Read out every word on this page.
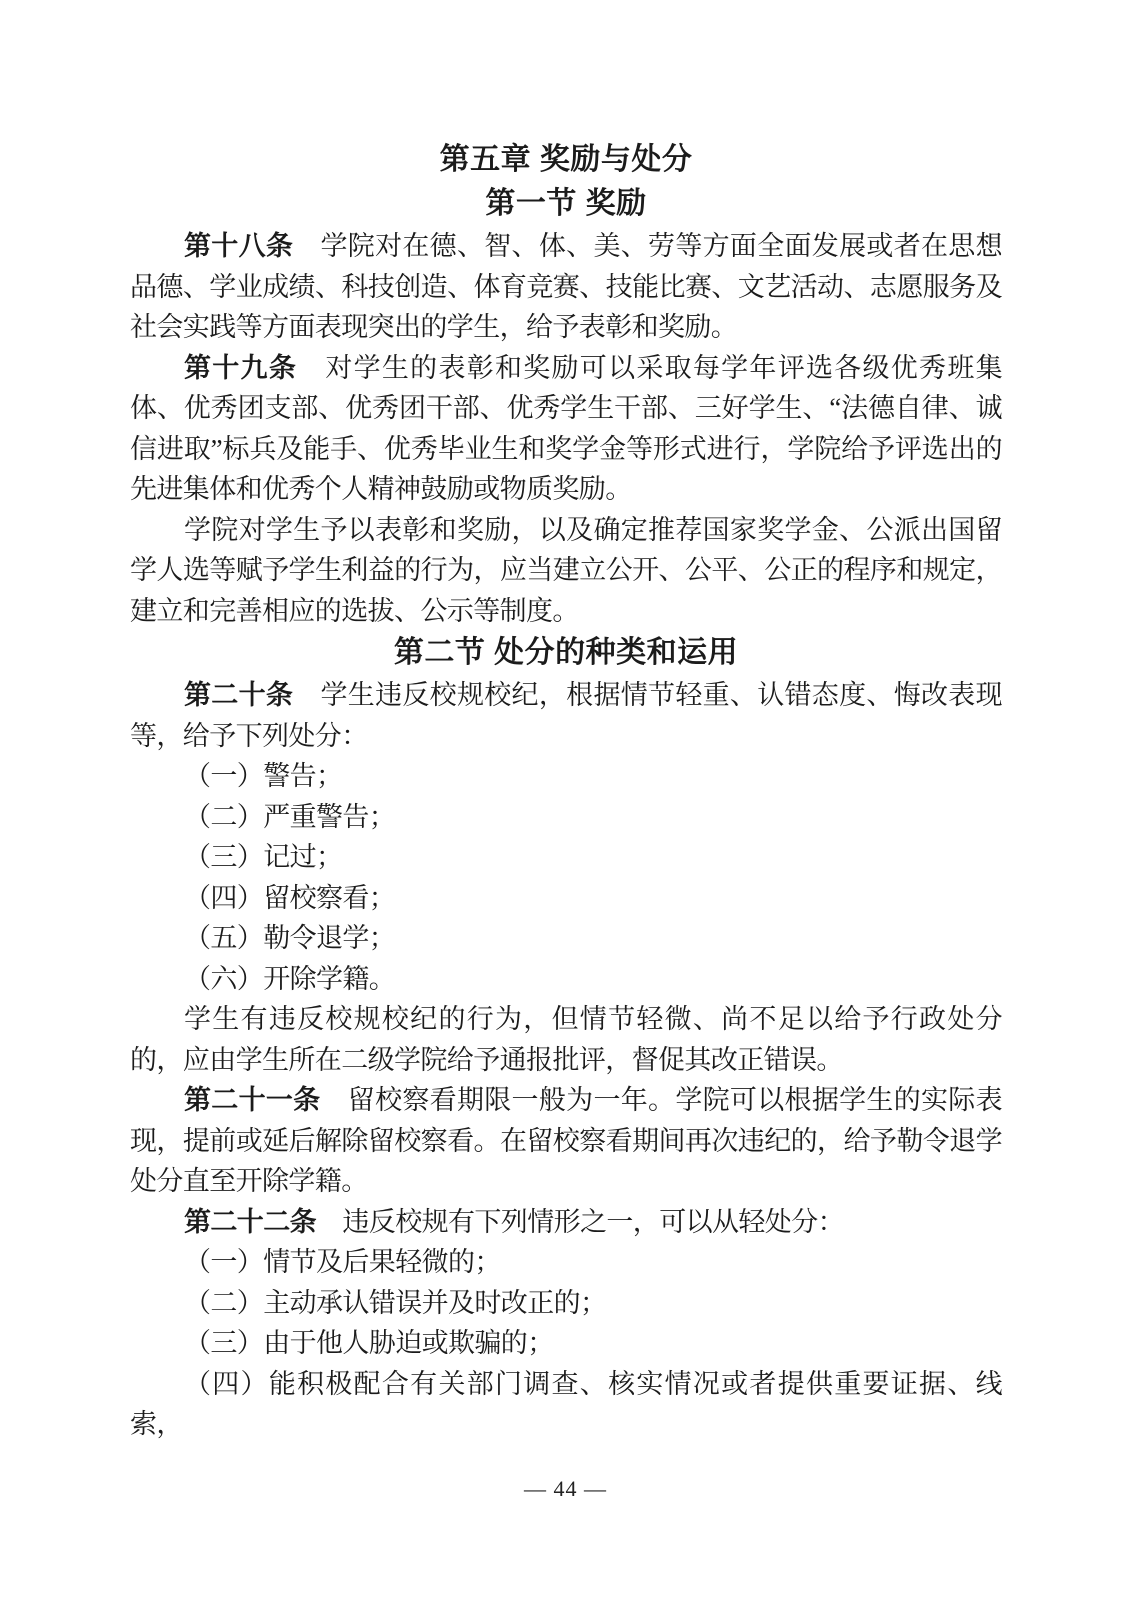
第五章 奖励与处分
第一节 奖励
第十八条　学院对在德、智、体、美、劳等方面全面发展或者在思想品德、学业成绩、科技创造、体育竞赛、技能比赛、文艺活动、志愿服务及社会实践等方面表现突出的学生，给予表彰和奖励。
第十九条　对学生的表彰和奖励可以采取每学年评选各级优秀班集体、优秀团支部、优秀团干部、优秀学生干部、三好学生、“法德自律、诚信进取”标兵及能手、优秀毕业生和奖学金等形式进行，学院给予评选出的先进集体和优秀个人精神鼓励或物质奖励。
学院对学生予以表彰和奖励，以及确定推荐国家奖学金、公派出国留学人选等赋予学生利益的行为，应当建立公开、公平、公正的程序和规定，建立和完善相应的选拔、公示等制度。
第二节 处分的种类和运用
第二十条　学生违反校规校纪，根据情节轻重、认错态度、悔改表现等，给予下列处分：
（一）警告；
（二）严重警告；
（三）记过；
（四）留校察看；
（五）勒令退学；
（六）开除学籍。
学生有违反校规校纪的行为，但情节轻微、尚不足以给予行政处分的，应由学生所在二级学院给予通报批评，督促其改正错误。
第二十一条　留校察看期限一般为一年。学院可以根据学生的实际表现，提前或延后解除留校察看。在留校察看期间再次违纪的，给予勒令退学处分直至开除学籍。
第二十二条　违反校规有下列情形之一，可以从轻处分：
（一）情节及后果轻微的；
（二）主动承认错误并及时改正的；
（三）由于他人胁迫或欺骗的；
（四）能积极配合有关部门调查、核实情况或者提供重要证据、线索，
— 44 —
